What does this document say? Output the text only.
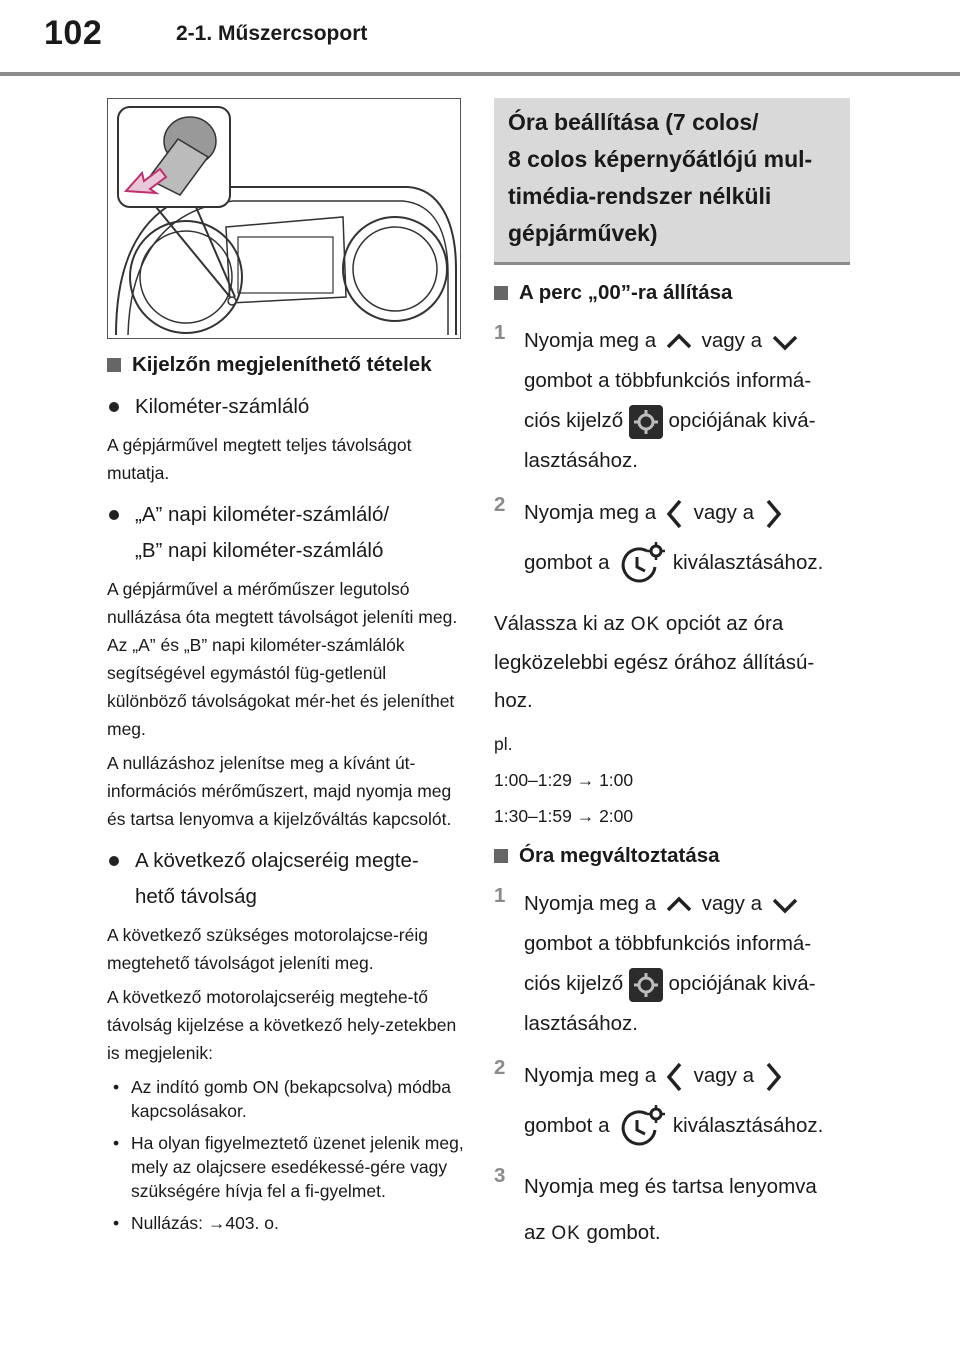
102	2-1. Műszercsoport
Kijelzőn megjeleníthető tételek
Kilométer-számláló

A gépjárművel megtett teljes távolságot mutatja.

„A” napi kilométer-számláló/
„B” napi kilométer-számláló

A gépjárművel a mérőműszer legutolsó nullázása óta megtett távolságot jeleníti meg. Az „A” és „B” napi kilométer-számlálók segítségével egymástól füg-getlenül különböző távolságokat mér-het és jeleníthet meg.

A nullázáshoz jelenítse meg a kívánt út-információs mérőműszert, majd nyomja meg és tartsa lenyomva a kijelzőváltás kapcsolót.

A következő olajcseréig megte-
hető távolság

A következő szükséges motorolajcse-réig megtehető távolságot jeleníti meg.

A következő motorolajcseréig megtehe-tő távolság kijelzése a következő hely-zetekben is megjelenik:

• Az indító gomb ON (bekapcsolva) módba kapcsolásakor.
• Ha olyan figyelmeztető üzenet jelenik meg, mely az olajcsere esedékessé-gére vagy szükségére hívja fel a fi-gyelmet.
• Nullázás: →403. o.
Óra beállítása (7 colos/
8 colos képernyőátlójú mul-
timédia-rendszer nélküli
gépjárművek)
A perc „00”-ra állítása
1 Nyomja meg a vagy a
gombot a többfunkciós informá-
ciós kijelző opciójának kivá-
lasztásához.
2 Nyomja meg a vagy a
gombot a	kiválasztásához.

Válassza ki az OK opciót az óra
legközelebbi egész órához állítású-
hoz.

pl.

1:00–1:29 → 1:00

1:30–1:59 → 2:00

Óra megváltoztatása
1 Nyomja meg a vagy a
gombot a többfunkciós informá-
ciós kijelző opciójának kivá-
lasztásához.
2 Nyomja meg a vagy a
gombot a	kiválasztásához.
3 Nyomja meg és tartsa lenyomva
az OK gombot.
